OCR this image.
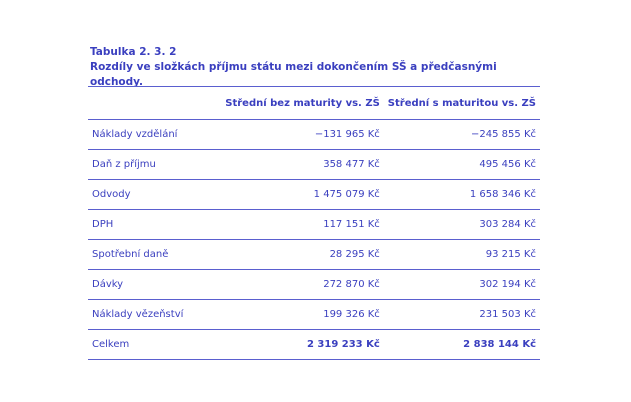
Tabulka 2. 3. 2
Rozdíly ve složkách příjmu státu mezi dokončením SŠ a předčasnými odchody.
	Střední bez maturity vs. ZŠ	Střední s maturitou vs. ZŠ
Náklady vzdělání	−131 965 Kč	−245 855 Kč
Daň z příjmu	358 477 Kč	495 456 Kč
Odvody	1 475 079 Kč	1 658 346 Kč
DPH	117 151 Kč	303 284 Kč
Spotřební daně	28 295 Kč	93 215 Kč
Dávky	272 870 Kč	302 194 Kč
Náklady vězeňství	199 326 Kč	231 503 Kč
Celkem	2 319 233 Kč	2 838 144 Kč
